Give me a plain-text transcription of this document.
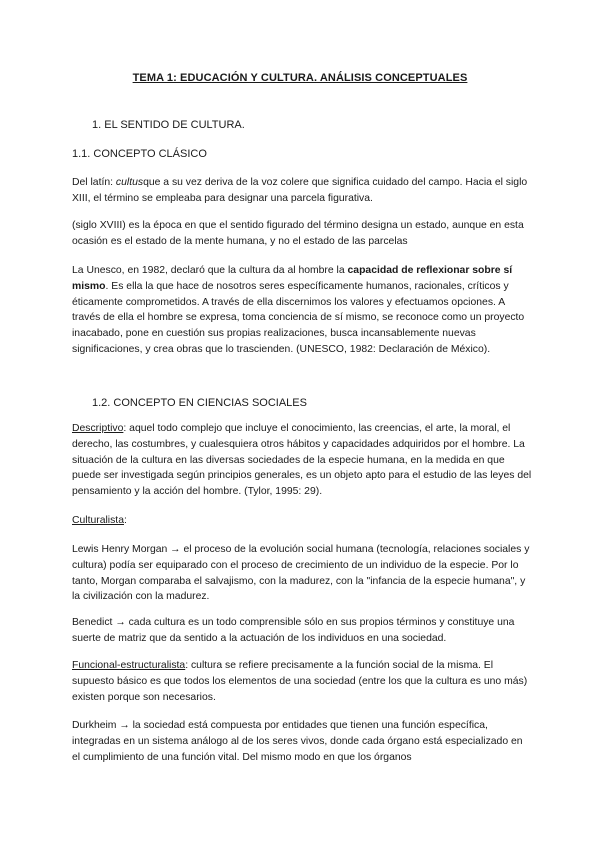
TEMA 1: EDUCACIÓN Y CULTURA. ANÁLISIS CONCEPTUALES
1. EL SENTIDO DE CULTURA.
1.1. CONCEPTO CLÁSICO

Del latín: cultusque a su vez deriva de la voz colere que significa cuidado del campo. Hacia el siglo XIII, el término se empleaba para designar una parcela figurativa.

(siglo XVIII) es la época en que el sentido figurado del término designa un estado, aunque en esta ocasión es el estado de la mente humana, y no el estado de las parcelas

La Unesco, en 1982, declaró que la cultura da al hombre la capacidad de reflexionar sobre sí mismo. Es ella la que hace de nosotros seres específicamente humanos, racionales, críticos y éticamente comprometidos. A través de ella discernimos los valores y efectuamos opciones. A través de ella el hombre se expresa, toma conciencia de sí mismo, se reconoce como un proyecto inacabado, pone en cuestión sus propias realizaciones, busca incansablemente nuevas significaciones, y crea obras que lo trascienden. (UNESCO, 1982: Declaración de México).

1.2. CONCEPTO EN CIENCIAS SOCIALES

Descriptivo: aquel todo complejo que incluye el conocimiento, las creencias, el arte, la moral, el derecho, las costumbres, y cualesquiera otros hábitos y capacidades adquiridos por el hombre. La situación de la cultura en las diversas sociedades de la especie humana, en la medida en que puede ser investigada según principios generales, es un objeto apto para el estudio de las leyes del pensamiento y la acción del hombre. (Tylor, 1995: 29).

Culturalista:

Lewis Henry Morgan → el proceso de la evolución social humana (tecnología, relaciones sociales y cultura) podía ser equiparado con el proceso de crecimiento de un individuo de la especie. Por lo tanto, Morgan comparaba el salvajismo, con la madurez, con la "infancia de la especie humana", y la civilización con la madurez.

Benedict → cada cultura es un todo comprensible sólo en sus propios términos y constituye una suerte de matriz que da sentido a la actuación de los individuos en una sociedad.

Funcional-estructuralista: cultura se refiere precisamente a la función social de la misma. El supuesto básico es que todos los elementos de una sociedad (entre los que la cultura es uno más) existen porque son necesarios.

Durkheim → la sociedad está compuesta por entidades que tienen una función específica, integradas en un sistema análogo al de los seres vivos, donde cada órgano está especializado en el cumplimiento de una función vital. Del mismo modo en que los órganos
